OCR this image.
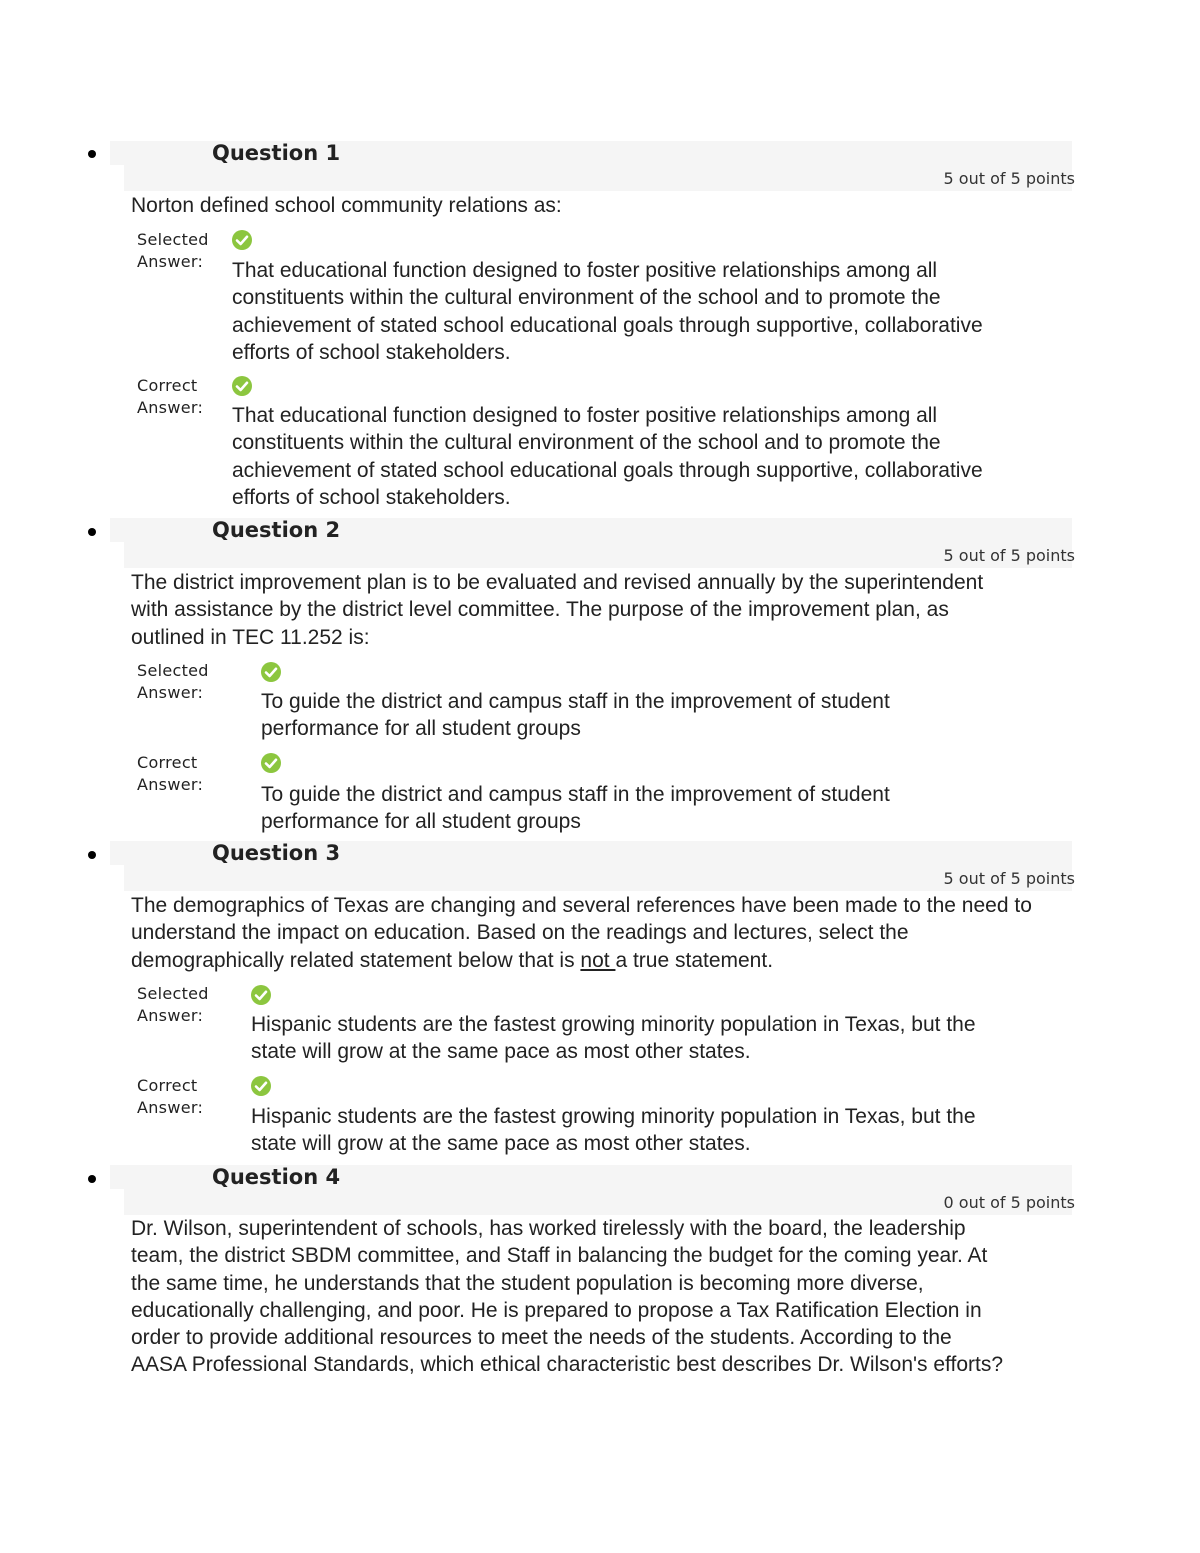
Question 1
5 out of 5 points
Norton defined school community relations as:
Selected
Answer: That educational function designed to foster positive relationships among all constituents within the cultural environment of the school and to promote the achievement of stated school educational goals through supportive, collaborative efforts of school stakeholders.
Correct
Answer: That educational function designed to foster positive relationships among all constituents within the cultural environment of the school and to promote the achievement of stated school educational goals through supportive, collaborative efforts of school stakeholders.
Question 2
5 out of 5 points
The district improvement plan is to be evaluated and revised annually by the superintendent with assistance by the district level committee. The purpose of the improvement plan, as outlined in TEC 11.252 is:
Selected
Answer:	To guide the district and campus staff in the improvement of student performance for all student groups
Correct
Answer:	To guide the district and campus staff in the improvement of student performance for all student groups
Question 3
5 out of 5 points
The demographics of Texas are changing and several references have been made to the need to understand the impact on education. Based on the readings and lectures, select the demographically related statement below that is not a true statement.
Selected
Answer: Hispanic students are the fastest growing minority population in Texas, but the state will grow at the same pace as most other states.
Correct
Answer: Hispanic students are the fastest growing minority population in Texas, but the state will grow at the same pace as most other states.
Question 4
0 out of 5 points
Dr. Wilson, superintendent of schools, has worked tirelessly with the board, the leadership team, the district SBDM committee, and Staff in balancing the budget for the coming year. At the same time, he understands that the student population is becoming more diverse, educationally challenging, and poor. He is prepared to propose a Tax Ratification Election in order to provide additional resources to meet the needs of the students. According to the AASA Professional Standards, which ethical characteristic best describes Dr. Wilson's efforts?
